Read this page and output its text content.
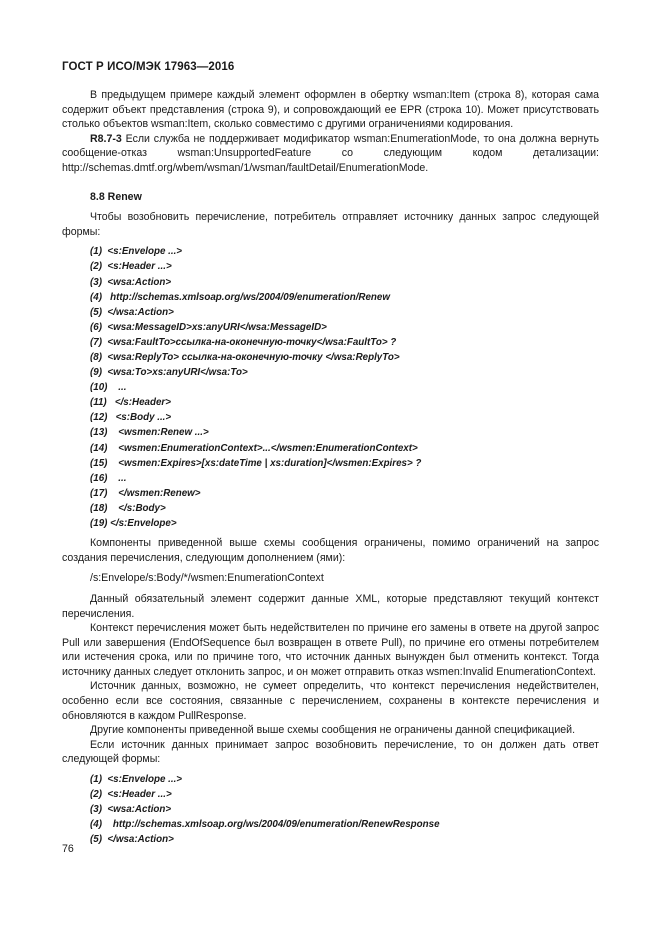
ГОСТ Р ИСО/МЭК 17963—2016

В предыдущем примере каждый элемент оформлен в обертку wsman:Item (строка 8), которая сама содержит объект представления (строка 9), и сопровождающий ее EPR (строка 10). Может присутствовать столько объектов wsman:Item, сколько совместимо с другими ограничениями кодирования.

R8.7-3 Если служба не поддерживает модификатор wsman:EnumerationMode, то она должна вернуть сообщение-отказ wsman:UnsupportedFeature со следующим кодом детализации: http://schemas.dmtf.org/wbem/wsman/1/wsman/faultDetail/EnumerationMode.

8.8 Renew

Чтобы возобновить перечисление, потребитель отправляет источнику данных запрос следующей формы:

(1)  <s:Envelope ...>
(2)  <s:Header ...>
(3)  <wsa:Action>
(4)   http://schemas.xmlsoap.org/ws/2004/09/enumeration/Renew
(5)  </wsa:Action>
(6)  <wsa:MessageID>xs:anyURI</wsa:MessageID>
(7)  <wsa:FaultTo>ссылка-на-оконечную-точку</wsa:FaultTo> ?
(8)  <wsa:ReplyTo> ссылка-на-оконечную-точку </wsa:ReplyTo>
(9)  <wsa:To>xs:anyURI</wsa:To>
(10)    ...
(11)   </s:Header>
(12)   <s:Body ...>
(13)    <wsmen:Renew ...>
(14)    <wsmen:EnumerationContext>...</wsmen:EnumerationContext>
(15)    <wsmen:Expires>[xs:dateTime | xs:duration]</wsmen:Expires> ?
(16)    ...
(17)    </wsmen:Renew>
(18)    </s:Body>
(19) </s:Envelope>

Компоненты приведенной выше схемы сообщения ограничены, помимо ограничений на запрос создания перечисления, следующим дополнением (ями):

/s:Envelope/s:Body/*/wsmen:EnumerationContext

Данный обязательный элемент содержит данные XML, которые представляют текущий контекст перечисления.

Контекст перечисления может быть недействителен по причине его замены в ответе на другой запрос Pull или завершения (EndOfSequence был возвращен в ответе Pull), по причине его отмены потребителем или истечения срока, или по причине того, что источник данных вынужден был отменить контекст. Тогда источнику данных следует отклонить запрос, и он может отправить отказ wsmen:Invalid EnumerationContext.

Источник данных, возможно, не сумеет определить, что контекст перечисления недействителен, особенно если все состояния, связанные с перечислением, сохранены в контексте перечисления и обновляются в каждом PullResponse.

Другие компоненты приведенной выше схемы сообщения не ограничены данной спецификацией.

Если источник данных принимает запрос возобновить перечисление, то он должен дать ответ следующей формы:

(1)  <s:Envelope ...>
(2)  <s:Header ...>
(3)  <wsa:Action>
(4)    http://schemas.xmlsoap.org/ws/2004/09/enumeration/RenewResponse
(5)  </wsa:Action>
76
